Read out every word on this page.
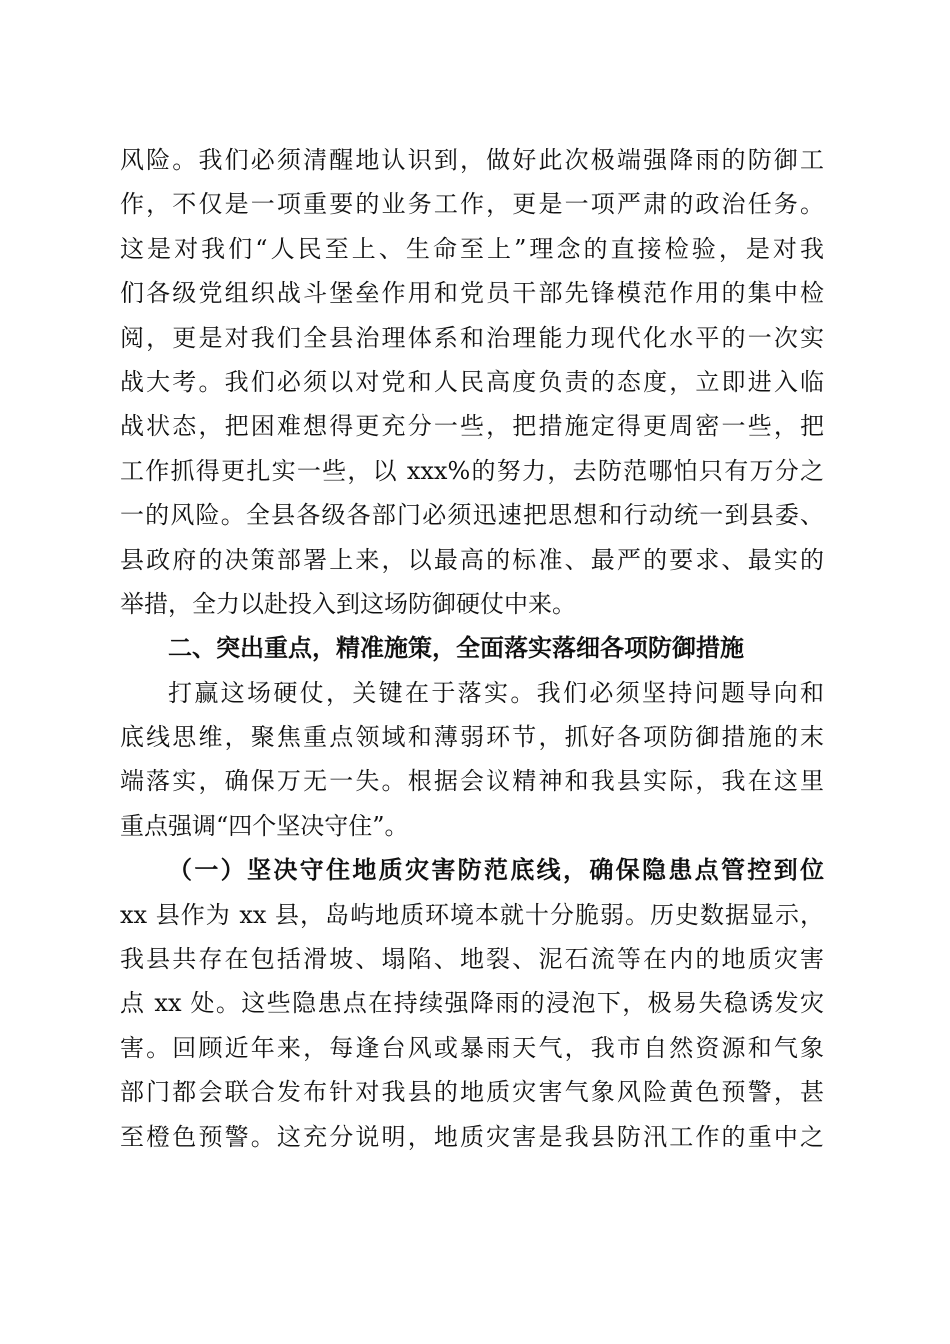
风险。我们必须清醒地认识到，做好此次极端强降雨的防御工
作，不仅是一项重要的业务工作，更是一项严肃的政治任务。
这是对我们“人民至上、生命至上”理念的直接检验，是对我
们各级党组织战斗堡垒作用和党员干部先锋模范作用的集中检
阅，更是对我们全县治理体系和治理能力现代化水平的一次实
战大考。我们必须以对党和人民高度负责的态度，立即进入临
战状态，把困难想得更充分一些，把措施定得更周密一些，把
工作抓得更扎实一些，以 xxx%的努力，去防范哪怕只有万分之
一的风险。全县各级各部门必须迅速把思想和行动统一到县委、
县政府的决策部署上来，以最高的标准、最严的要求、最实的
举措，全力以赴投入到这场防御硬仗中来。
二、突出重点，精准施策，全面落实落细各项防御措施
打赢这场硬仗，关键在于落实。我们必须坚持问题导向和
底线思维，聚焦重点领域和薄弱环节，抓好各项防御措施的末
端落实，确保万无一失。根据会议精神和我县实际，我在这里
重点强调“四个坚决守住”。
（一）坚决守住地质灾害防范底线，确保隐患点管控到位
xx 县作为 xx 县，岛屿地质环境本就十分脆弱。历史数据显示，
我县共存在包括滑坡、塌陷、地裂、泥石流等在内的地质灾害
点 xx 处。这些隐患点在持续强降雨的浸泡下，极易失稳诱发灾
害。回顾近年来，每逢台风或暴雨天气，我市自然资源和气象
部门都会联合发布针对我县的地质灾害气象风险黄色预警，甚
至橙色预警。这充分说明，地质灾害是我县防汛工作的重中之
